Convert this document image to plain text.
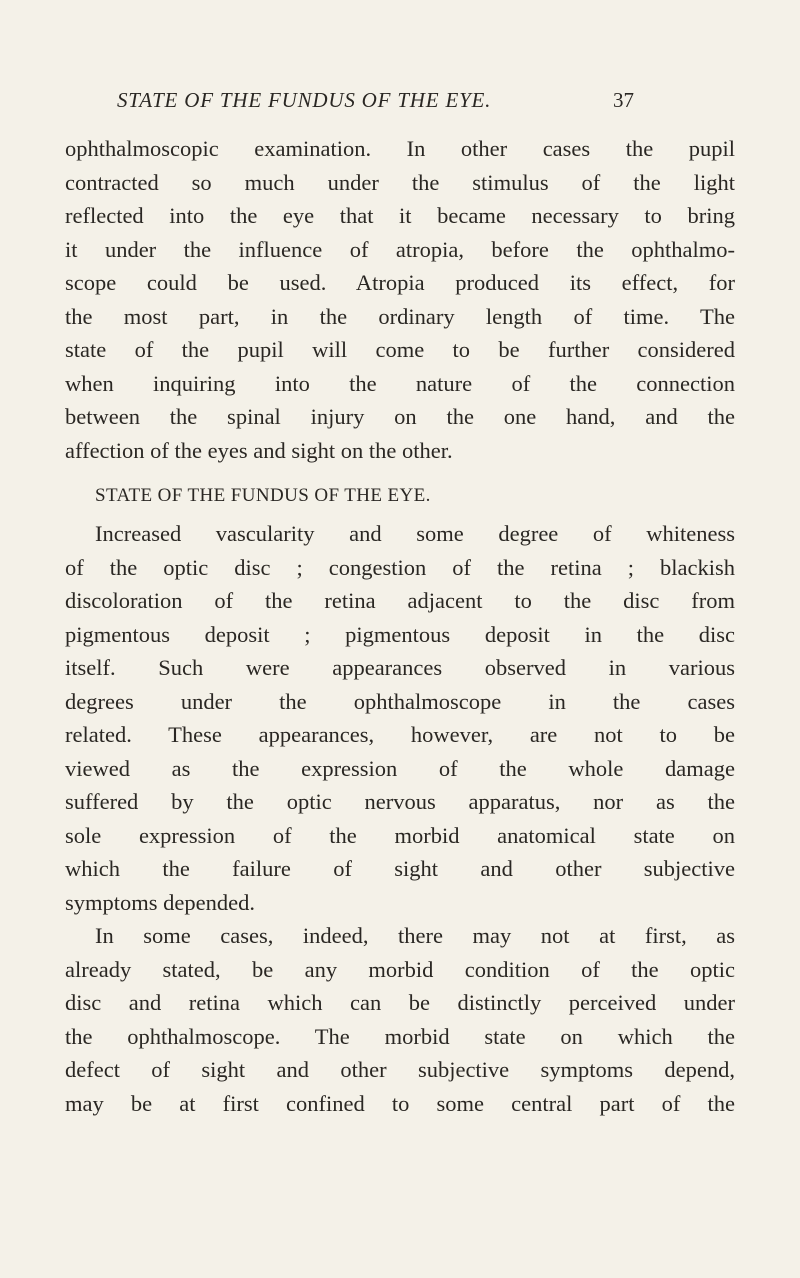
STATE OF THE FUNDUS OF THE EYE.	37
ophthalmoscopic examination. In other cases the pupil
contracted so much under the stimulus of the light
reflected into the eye that it became necessary to bring
it under the influence of atropia, before the ophthalmo-
scope could be used. Atropia produced its effect, for
the most part, in the ordinary length of time. The
state of the pupil will come to be further considered
when inquiring into the nature of the connection
between the spinal injury on the one hand, and the
affection of the eyes and sight on the other.
STATE OF THE FUNDUS OF THE EYE.
Increased vascularity and some degree of whiteness
of the optic disc ; congestion of the retina ; blackish
discoloration of the retina adjacent to the disc from
pigmentous deposit ; pigmentous deposit in the disc
itself. Such were appearances observed in various
degrees under the ophthalmoscope in the cases
related. These appearances, however, are not to be
viewed as the expression of the whole damage
suffered by the optic nervous apparatus, nor as the
sole expression of the morbid anatomical state on
which the failure of sight and other subjective
symptoms depended.
In some cases, indeed, there may not at first, as
already stated, be any morbid condition of the optic
disc and retina which can be distinctly perceived under
the ophthalmoscope. The morbid state on which the
defect of sight and other subjective symptoms depend,
may be at first confined to some central part of the
